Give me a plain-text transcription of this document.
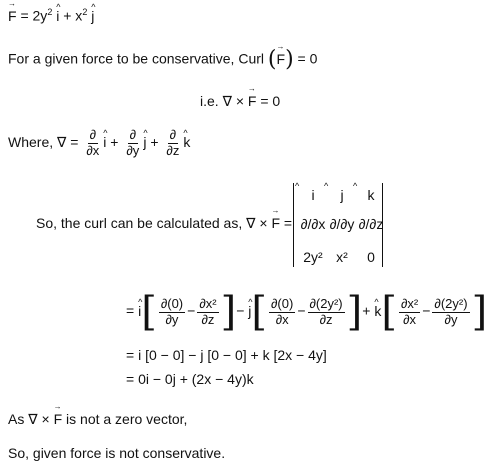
→ $F = 2y^2$ ^ $i + x^2$ ^ j
For a given force to be conservative, Curl (→ F) = 0
i.e. ∇ × → F = 0
Where, ∇ = $\frac{\partial}{\partial x}$ ^ $i + \frac{\partial}{\partial y}$ ^ $j + \frac{\partial}{\partial z}$ ^ k
So, the curl can be calculated as, ∇ × → F =
^ i	^ j	^ k
∂/∂x ∂/∂y ∂/∂z
2y² x²	0
= ^ $i[ \frac{\partial(0)}{\partial y} - \frac{\text{∂x²}}{\partial z}$ ]− ^ $j[ \frac{\partial(0)}{\partial x} - \frac{\text{∂(2y²)}}{\partial z}$ ]+ ^ $k[ \frac{\text{∂x²}}{\partial x} - \frac{\text{∂(2y²)}}{\partial y}$ ]
= i [0 − 0] − j [0 − 0] + k [2x − 4y]
= 0i − 0j + (2x − 4y)k
As ∇ × → F is not a zero vector,
So, given force is not conservative.
